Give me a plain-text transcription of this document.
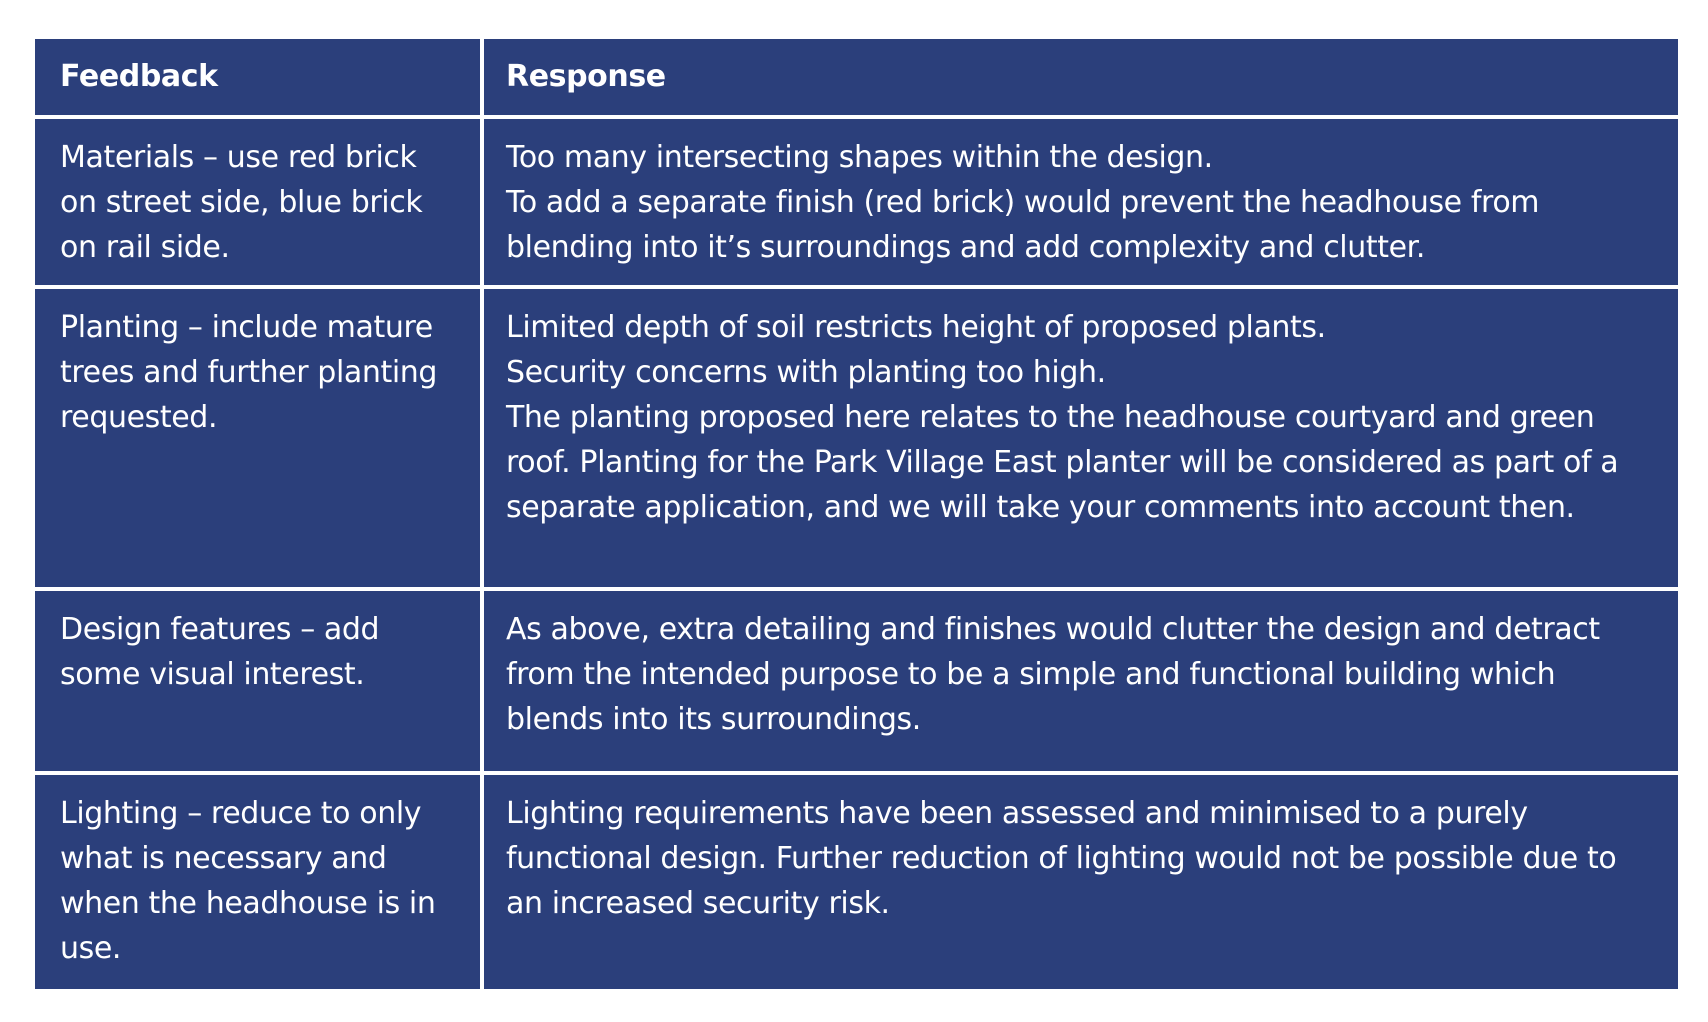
Feedback	Response
Materials – use red brick on street side, blue brick on rail side.
Too many intersecting shapes within the design.
To add a separate finish (red brick) would prevent the headhouse from blending into it’s surroundings and add complexity and clutter.
Planting – include mature trees and further planting requested.
Limited depth of soil restricts height of proposed plants.
Security concerns with planting too high.
The planting proposed here relates to the headhouse courtyard and green roof. Planting for the Park Village East planter will be considered as part of a separate application, and we will take your comments into account then.
Design features – add some visual interest.
As above, extra detailing and finishes would clutter the design and detract from the intended purpose to be a simple and functional building which blends into its surroundings.
Lighting – reduce to only what is necessary and when the headhouse is in use.
Lighting requirements have been assessed and minimised to a purely functional design. Further reduction of lighting would not be possible due to an increased security risk.
